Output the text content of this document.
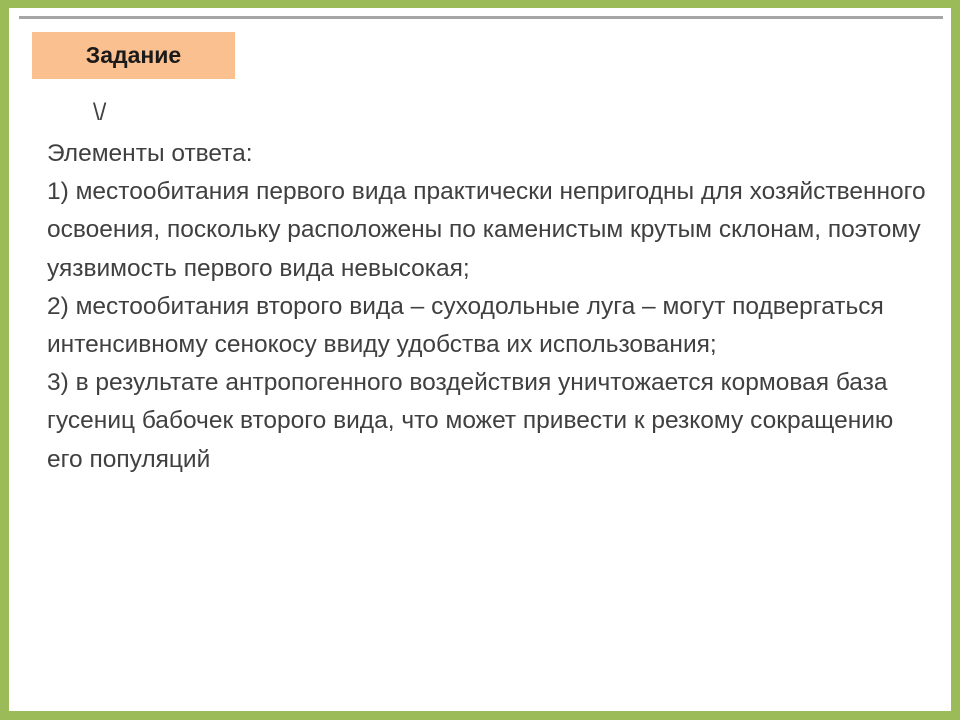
Задание
\/

Элементы ответа:

1) местообитания первого вида практически непригодны для хозяйственного освоения, поскольку расположены по каменистым крутым склонам, поэтому уязвимость первого вида невысокая;

2) местообитания второго вида – суходольные луга – могут подвергаться интенсивному сенокосу ввиду удобства их использования;

3) в результате антропогенного воздействия уничтожается кормовая база гусениц бабочек второго вида, что может привести к резкому сокращению его популяций
